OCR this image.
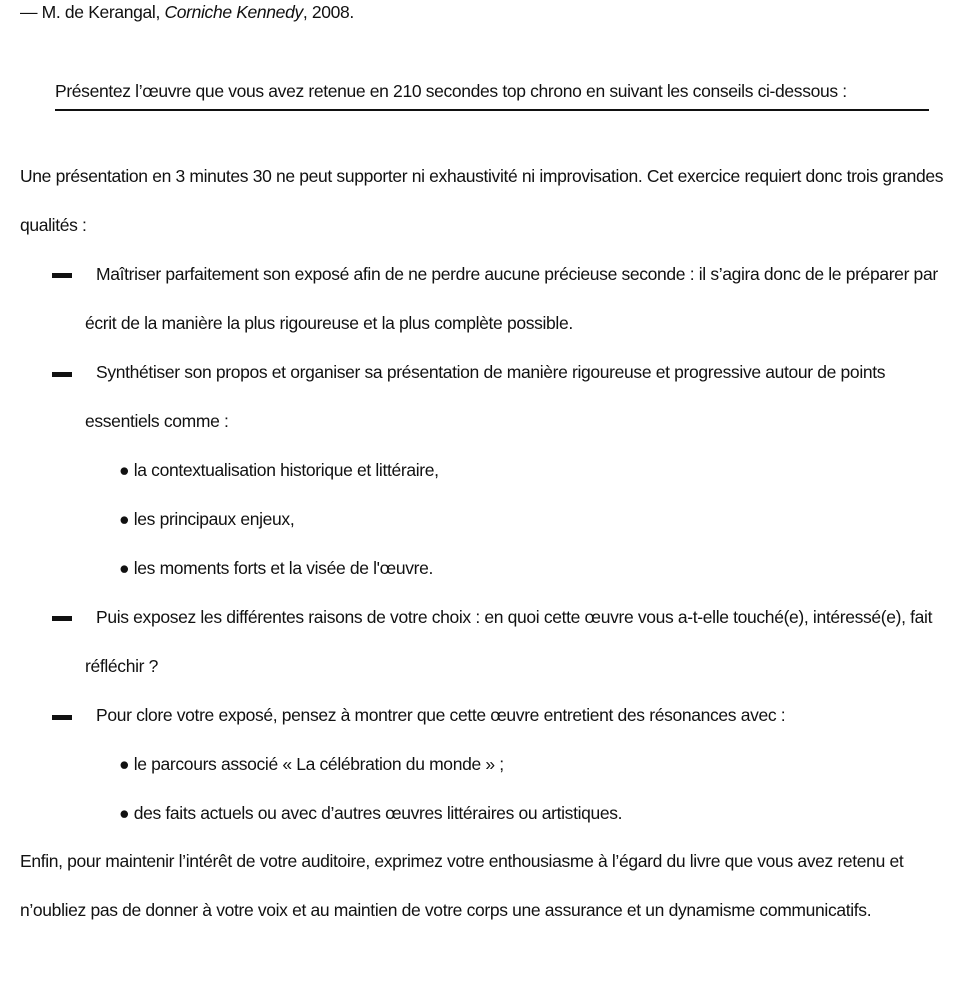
— M. de Kerangal, Corniche Kennedy, 2008.
Présentez l’œuvre que vous avez retenue en 210 secondes top chrono en suivant les conseils ci-dessous :
Une présentation en 3 minutes 30 ne peut supporter ni exhaustivité ni improvisation. Cet exercice requiert donc trois grandes qualités :
Maîtriser parfaitement son exposé afin de ne perdre aucune précieuse seconde : il s’agira donc de le préparer par écrit de la manière la plus rigoureuse et la plus complète possible.
Synthétiser son propos et organiser sa présentation de manière rigoureuse et progressive autour de points essentiels comme :
● la contextualisation historique et littéraire,
● les principaux enjeux,
● les moments forts et la visée de l'œuvre.
Puis exposez les différentes raisons de votre choix : en quoi cette œuvre vous a-t-elle touché(e), intéressé(e), fait réfléchir ?
Pour clore votre exposé, pensez à montrer que cette œuvre entretient des résonances avec :
● le parcours associé « La célébration du monde » ;
● des faits actuels ou avec d’autres œuvres littéraires ou artistiques.
Enfin, pour maintenir l’intérêt de votre auditoire, exprimez votre enthousiasme à l’égard du livre que vous avez retenu et n’oubliez pas de donner à votre voix et au maintien de votre corps une assurance et un dynamisme communicatifs.
